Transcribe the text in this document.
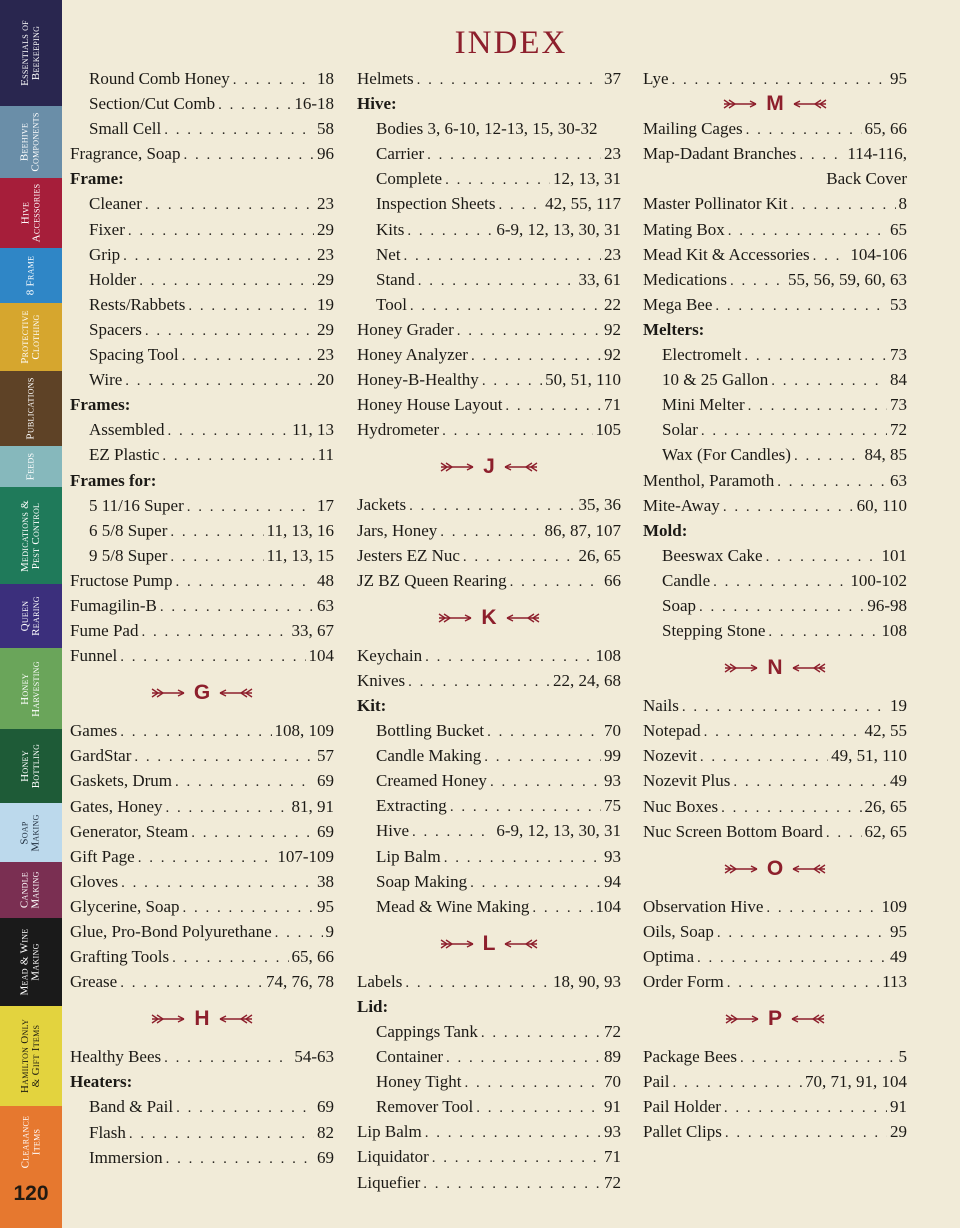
Essentials of Beekeeping
Beehive Components
Hive Accessories
8 Frame
Protective Clothing
Publications
Feeds
Medications & Pest Control
Queen Rearing
Honey Harvesting
Honey Bottling
Soap Making
Candle Making
Mead & Wine Making
Hamilton Only & Gift Items
Clearance Items
120
INDEX
Round Comb Honey . . .	18
Section/Cut Comb . . .	16-18
Small Cell . . .	58
Fragrance, Soap . . .	96
Frame:
Cleaner . . .	23
Fixer . . .	29
Grip . . .	23
Holder . . .	29
Rests/Rabbets . . .	19
Spacers . . .	29
Spacing Tool . . .	23
Wire . . .	20
Frames:
Assembled . . .	11, 13
EZ Plastic . . .	11
Frames for:
5 11/16 Super . . .	17
6 5/8 Super . . .	11, 13, 16
9 5/8 Super . . .	11, 13, 15
Fructose Pump . . .	48
Fumagilin-B . . .	63
Fume Pad . . .	33, 67
Funnel . . .	104
G
Games . . .	108, 109
GardStar . . .	57
Gaskets, Drum . . .	69
Gates, Honey . . .	81, 91
Generator, Steam . . .	69
Gift Page . . .	107-109
Gloves . . .	38
Glycerine, Soap . . .	95
Glue, Pro-Bond Polyurethane . . .	9
Grafting Tools . . .	65, 66
Grease . . .	74, 76, 78
H
Healthy Bees . . .	54-63
Heaters:
Band & Pail . . .	69
Flash . . .	82
Immersion . . .	69
Helmets . . .	37
Hive:
Bodies 3, 6-10, 12-13, 15, 30-32
Carrier . . .	23
Complete . . .	12, 13, 31
Inspection Sheets . . .	42, 55, 117
Kits . . .	6-9, 12, 13, 30, 31
Net . . .	23
Stand . . .	33, 61
Tool . . .	22
Honey Grader . . .	92
Honey Analyzer . . .	92
Honey-B-Healthy . . .	50, 51, 110
Honey House Layout . . .	71
Hydrometer . . .	105
J
Jackets . . .	35, 36
Jars, Honey . . .	86, 87, 107
Jesters EZ Nuc . . .	26, 65
JZ BZ Queen Rearing . . .	66
K
Keychain . . .	108
Knives . . .	22, 24, 68
Kit:
Bottling Bucket . . .	70
Candle Making . . .	99
Creamed Honey . . .	93
Extracting . . .	75
Hive . . .	6-9, 12, 13, 30, 31
Lip Balm . . .	93
Soap Making . . .	94
Mead & Wine Making . . .	104
L
Labels . . .	18, 90, 93
Lid:
Cappings Tank . . .	72
Container . . .	89
Honey Tight . . .	70
Remover Tool . . .	91
Lip Balm . . .	93
Liquidator . . .	71
Liquefier . . .	72
Lye . . .	95
M
Mailing Cages . . .	65, 66
Map-Dadant Branches . . .	114-116,
Back Cover
Master Pollinator Kit . . .	8
Mating Box . . .	65
Mead Kit & Accessories . . . 104-106
Medications . . .	55, 56, 59, 60, 63
Mega Bee . . .	53
Melters:
Electromelt . . .	73
10 & 25 Gallon . . .	84
Mini Melter . . .	73
Solar . . .	72
Wax (For Candles) . . .	84, 85
Menthol, Paramoth . . .	63
Mite-Away . . .	60, 110
Mold:
Beeswax Cake . . .	101
Candle . . .	100-102
Soap . . .	96-98
Stepping Stone . . .	108
N
Nails . . .	19
Notepad . . .	42, 55
Nozevit . . .	49, 51, 110
Nozevit Plus . . .	49
Nuc Boxes . . .	26, 65
Nuc Screen Bottom Board . . . 62, 65
O
Observation Hive . . .	109
Oils, Soap . . .	95
Optima . . .	49
Order Form . . .	113
P
Package Bees . . .	5
Pail . . .	70, 71, 91, 104
Pail Holder . . .	91
Pallet Clips . . .	29
